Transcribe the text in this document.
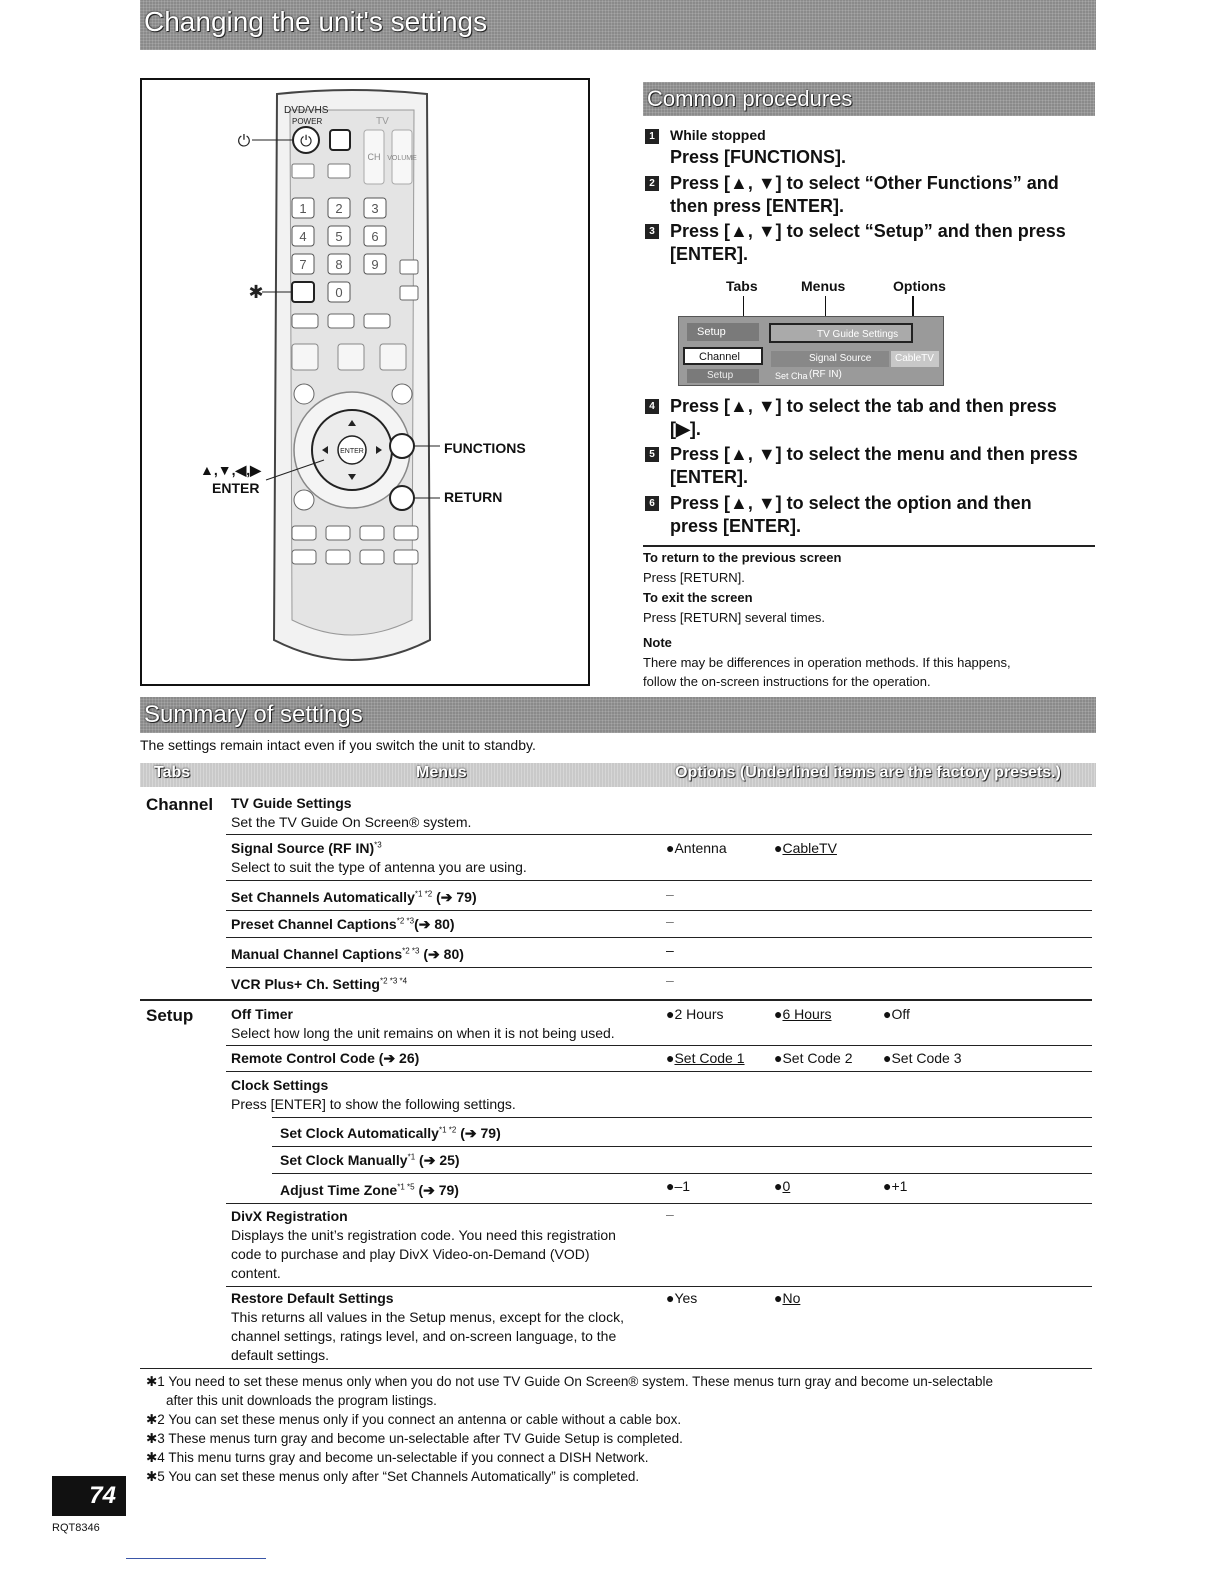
Changing the unit's settings
DVD/VHS
POWER	TV
⏻
⏻
CH VOLUME
1 2 3
4 5 6
7 8 9
0
✱
ENTER
▲,▼,◀,▶
ENTER
FUNCTIONS
RETURN
Common procedures
1	While stopped
Press [FUNCTIONS].
2 Press [▲, ▼] to select “Other Functions” and
then press [ENTER].
3 Press [▲, ▼] to select “Setup” and then press
[ENTER].
Tabs	Menus	Options
Setup
Channel
Setup
TV Guide Settings
Signal Source (RF IN)
CableTV
Set Cha
4 Press [▲, ▼] to select the tab and then press
[▶].
5 Press [▲, ▼] to select the menu and then press
[ENTER].
6 Press [▲, ▼] to select the option and then
press [ENTER].
To return to the previous screen
Press [RETURN].
To exit the screen
Press [RETURN] several times.
Note
There may be differences in operation methods. If this happens,
follow the on-screen instructions for the operation.
Summary of settings
The settings remain intact even if you switch the unit to standby.
Tabs	Menus	Options (Underlined items are the factory presets.)
Channel TV Guide Settings
Set the TV Guide On Screen® system.
Signal Source (RF IN)$^{*3}$
Select to suit the type of antenna you are using.
●Antenna	●CableTV
Set Channels Automatically$^{*1 *2}$ (➔ 79)	–
Preset Channel Captions$^{*2 *3}$(➔ 80)	–
Manual Channel Captions$^{*2 *3}$ (➔ 80)	–
VCR Plus+ Ch. Setting$^{*2 *3 *4}$	–
Setup	Off Timer
Select how long the unit remains on when it is not being used.
●2 Hours	●6 Hours	●Off
Remote Control Code (➔ 26)	●Set Code 1 ●Set Code 2 ●Set Code 3
Clock Settings
Press [ENTER] to show the following settings.
Set Clock Automatically$^{*1 *2}$ (➔ 79)
Set Clock Manually$^{*1}$ (➔ 25)
Adjust Time Zone$^{*1 *5}$ (➔ 79)	●–1	●0	●+1
DivX Registration
Displays the unit’s registration code. You need this registration
code to purchase and play DivX Video-on-Demand (VOD)
content.
–
Restore Default Settings
This returns all values in the Setup menus, except for the clock,
channel settings, ratings level, and on-screen language, to the
default settings.
●Yes	●No
✱1 You need to set these menus only when you do not use TV Guide On Screen® system. These menus turn gray and become un-selectable
after this unit downloads the program listings.
✱2 You can set these menus only if you connect an antenna or cable without a cable box.
✱3 These menus turn gray and become un-selectable after TV Guide Setup is completed.
✱4 This menu turns gray and become un-selectable if you connect a DISH Network.
✱5 You can set these menus only after “Set Channels Automatically” is completed.
74
RQT8346
